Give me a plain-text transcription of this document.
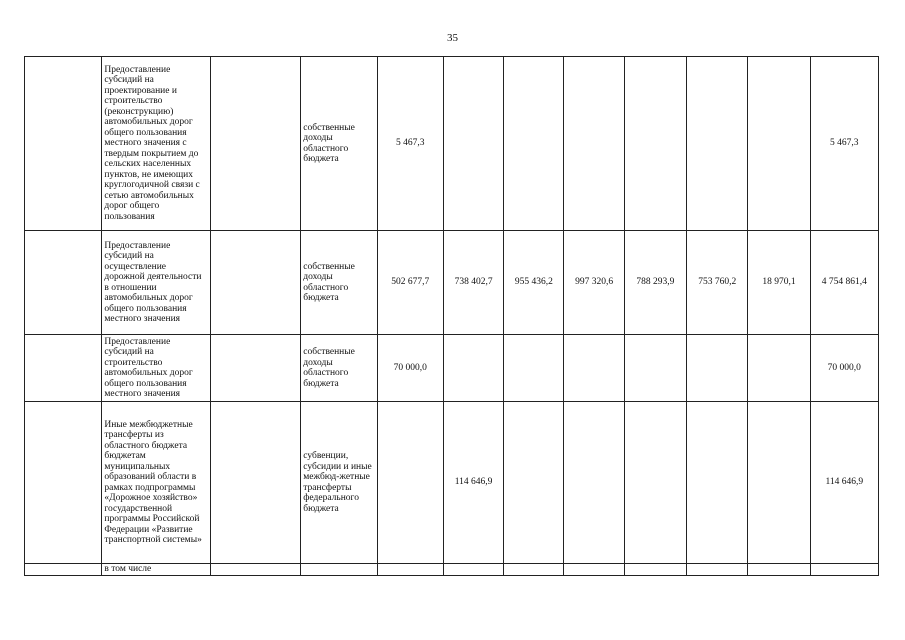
35
	Предоставление субсидий на проектирование и строительство (реконструкцию) автомобильных дорог общего пользования местного значения с твердым покрытием до сельских населенных пунктов, не имеющих круглогодичной связи с сетью автомобильных дорог общего пользования		собственные доходы областного бюджета	5 467,3							5 467,3
	Предоставление субсидий на осуществление дорожной деятельности в отношении автомобильных дорог общего пользования местного значения		собственные доходы областного бюджета	502 677,7	738 402,7	955 436,2	997 320,6	788 293,9	753 760,2	18 970,1	4 754 861,4
	Предоставление субсидий на строительство автомобильных дорог общего пользования местного значения		собственные доходы областного бюджета	70 000,0							70 000,0
	Иные межбюджетные трансферты из областного бюджета бюджетам муниципальных образований области в рамках подпрограммы «Дорожное хозяйство» государственной программы Российской Федерации «Развитие транспортной системы»		субвенции, субсидии и иные межбюд-жетные трансферты федерального бюджета		114 646,9						114 646,9
	в том числе										
